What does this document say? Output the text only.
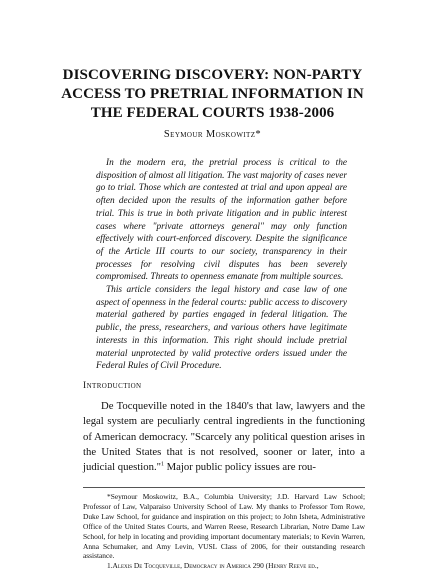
DISCOVERING DISCOVERY: NON-PARTY
ACCESS TO PRETRIAL INFORMATION IN
THE FEDERAL COURTS 1938-2006
Seymour Moskowitz*

In the modern era, the pretrial process is critical to the disposition of almost all litigation. The vast majority of cases never go to trial. Those which are contested at trial and upon appeal are often decided upon the results of the information gather before trial. This is true in both private litigation and in public interest cases where "private attorneys general" may only function effectively with court-enforced discovery. Despite the significance of the Article III courts to our society, transparency in their processes for resolving civil disputes has been severely compromised. Threats to openness emanate from multiple sources.

This article considers the legal history and case law of one aspect of openness in the federal courts: public access to discovery material gathered by parties engaged in federal litigation. The public, the press, researchers, and various others have legitimate interests in this information. This right should include pretrial material unprotected by valid protective orders issued under the Federal Rules of Civil Procedure.

Introduction

De Tocqueville noted in the 1840's that law, lawyers and the legal system are peculiarly central ingredients in the functioning of American democracy. "Scarcely any political question arises in the United States that is not resolved, sooner or later, into a judicial question."$^1$ Major public policy issues are rou-

*Seymour Moskowitz, B.A., Columbia University; J.D. Harvard Law School; Professor of Law, Valparaiso University School of Law. My thanks to Professor Tom Rowe, Duke Law School, for guidance and inspiration on this project; to John Isheta, Administrative Office of the United States Courts, and Warren Reese, Research Librarian, Notre Dame Law School, for help in locating and providing important documentary materials; to Kevin Warren, Anna Schumaker, and Amy Levin, VUSL Class of 2006, for their outstanding research assistance.

1.Alexis De Tocqueville, Democracy in America 290 (Henry Reeve ed.,
